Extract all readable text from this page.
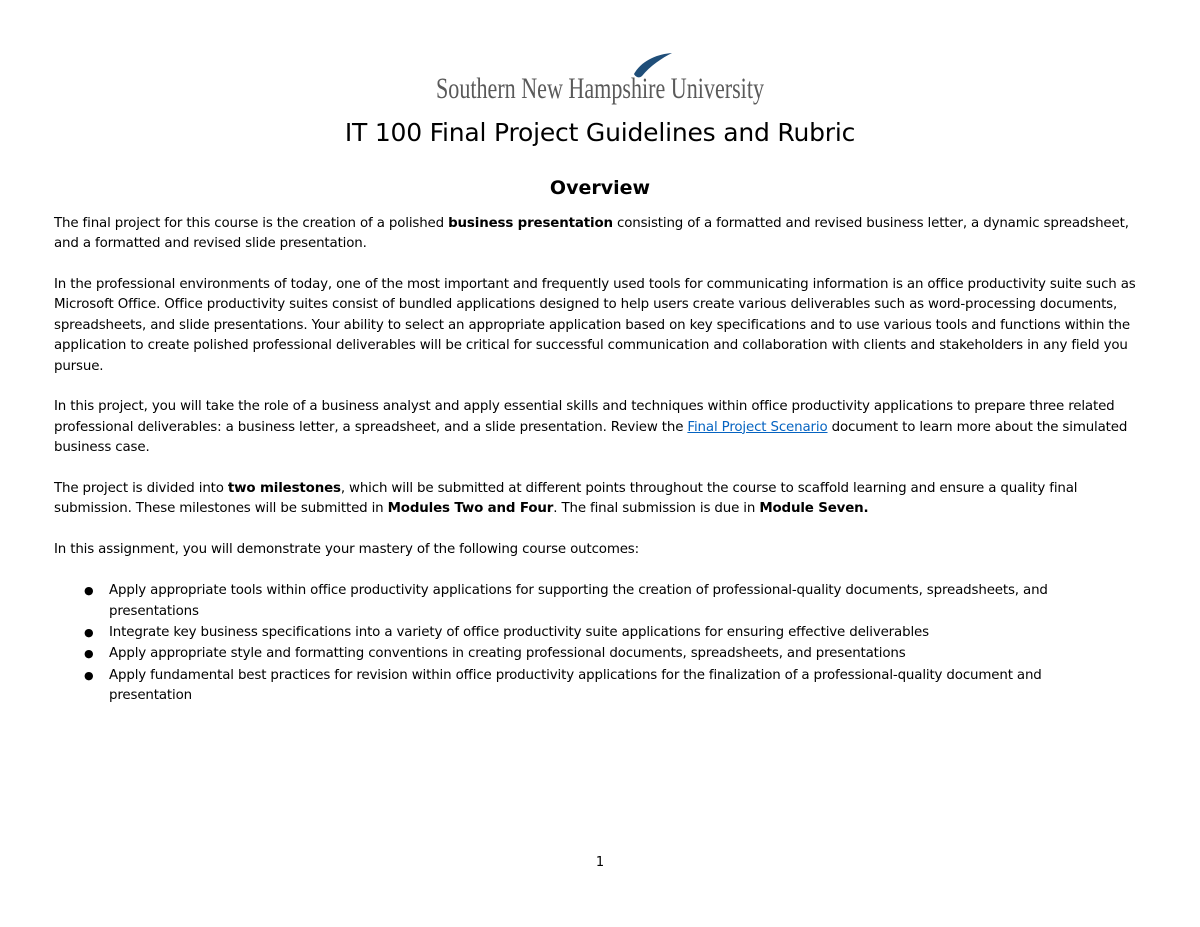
Southern New Hampshire University
IT 100 Final Project Guidelines and Rubric
Overview

The final project for this course is the creation of a polished business presentation consisting of a formatted and revised business letter, a dynamic spreadsheet, and a formatted and revised slide presentation.

In the professional environments of today, one of the most important and frequently used tools for communicating information is an office productivity suite such as Microsoft Office. Office productivity suites consist of bundled applications designed to help users create various deliverables such as word-processing documents, spreadsheets, and slide presentations. Your ability to select an appropriate application based on key specifications and to use various tools and functions within the application to create polished professional deliverables will be critical for successful communication and collaboration with clients and stakeholders in any field you pursue.

In this project, you will take the role of a business analyst and apply essential skills and techniques within office productivity applications to prepare three related professional deliverables: a business letter, a spreadsheet, and a slide presentation. Review the Final Project Scenario document to learn more about the simulated business case.

The project is divided into two milestones, which will be submitted at different points throughout the course to scaffold learning and ensure a quality final submission. These milestones will be submitted in Modules Two and Four. The final submission is due in Module Seven.

In this assignment, you will demonstrate your mastery of the following course outcomes:

● Apply appropriate tools within office productivity applications for supporting the creation of professional-quality documents, spreadsheets, and presentations
● Integrate key business specifications into a variety of office productivity suite applications for ensuring effective deliverables
● Apply appropriate style and formatting conventions in creating professional documents, spreadsheets, and presentations
● Apply fundamental best practices for revision within office productivity applications for the finalization of a professional-quality document and presentation
1
